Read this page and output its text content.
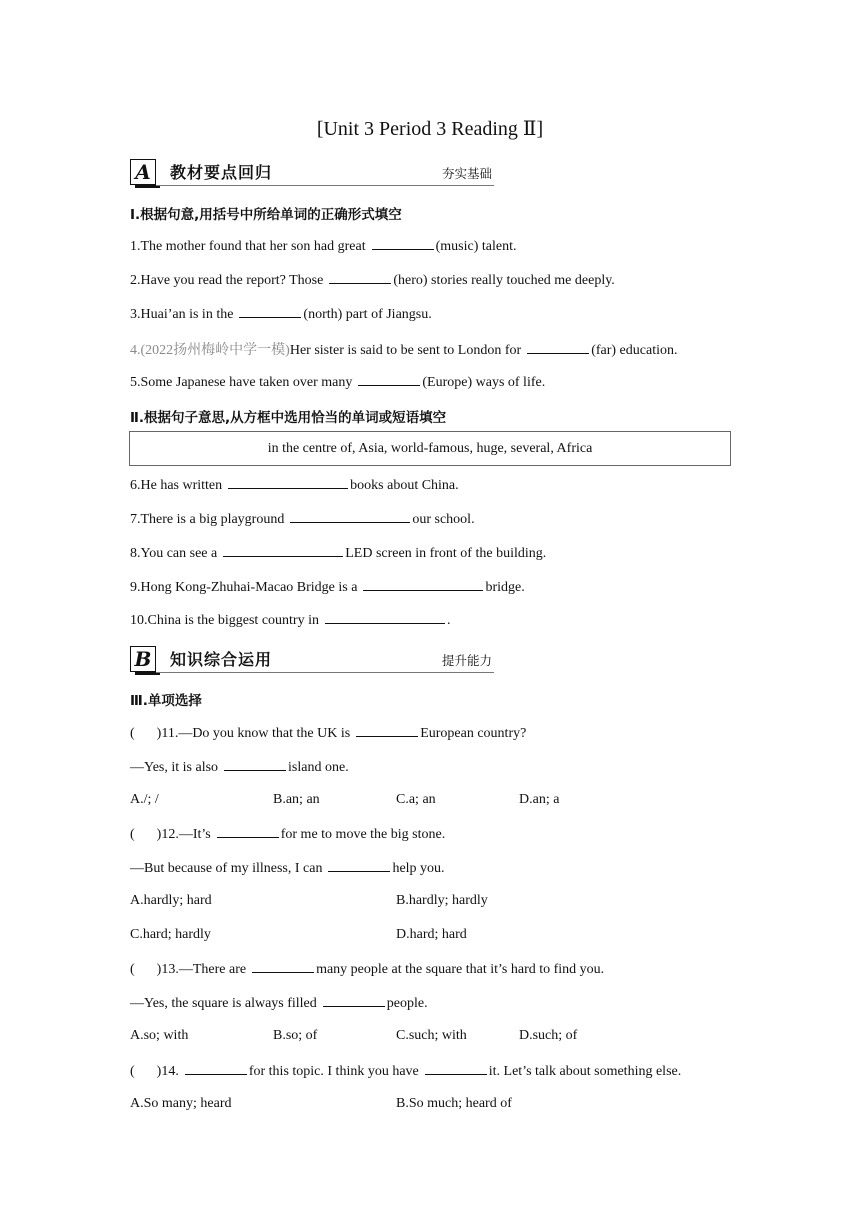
[Unit 3 Period 3 Reading Ⅱ]
A	教材要点回归	夯实基础
Ⅰ.根据句意,用括号中所给单词的正确形式填空
1.The mother found that her son had great	(music) talent.
2.Have you read the report? Those	(hero) stories really touched me deeply.
3.Huai’an is in the	(north) part of Jiangsu.
4.(2022扬州梅岭中学一模)Her sister is said to be sent to London for	(far) education.
5.Some Japanese have taken over many	(Europe) ways of life.
Ⅱ.根据句子意思,从方框中选用恰当的单词或短语填空
in the centre of, Asia, world-famous, huge, several, Africa
6.He has written	books about China.
7.There is a big playground	our school.
8.You can see a	LED screen in front of the building.
9.Hong Kong-Zhuhai-Macao Bridge is a	bridge.
10.China is the biggest country in	.
B 知识综合运用	提升能力
Ⅲ.单项选择
( )11.—Do you know that the UK is	European country?
—Yes, it is also	island one.
A./; /	B.an; an	C.a; an	D.an; a
( )12.—It’s	for me to move the big stone.
—But because of my illness, I can	help you.
A.hardly; hard	B.hardly; hardly
C.hard; hardly	D.hard; hard
( )13.—There are	many people at the square that it’s hard to find you.
—Yes, the square is always filled	people.
A.so; with	B.so; of	C.such; with	D.such; of
( )14.	for this topic. I think you have	it. Let’s talk about something else.
A.So many; heard	B.So much; heard of
